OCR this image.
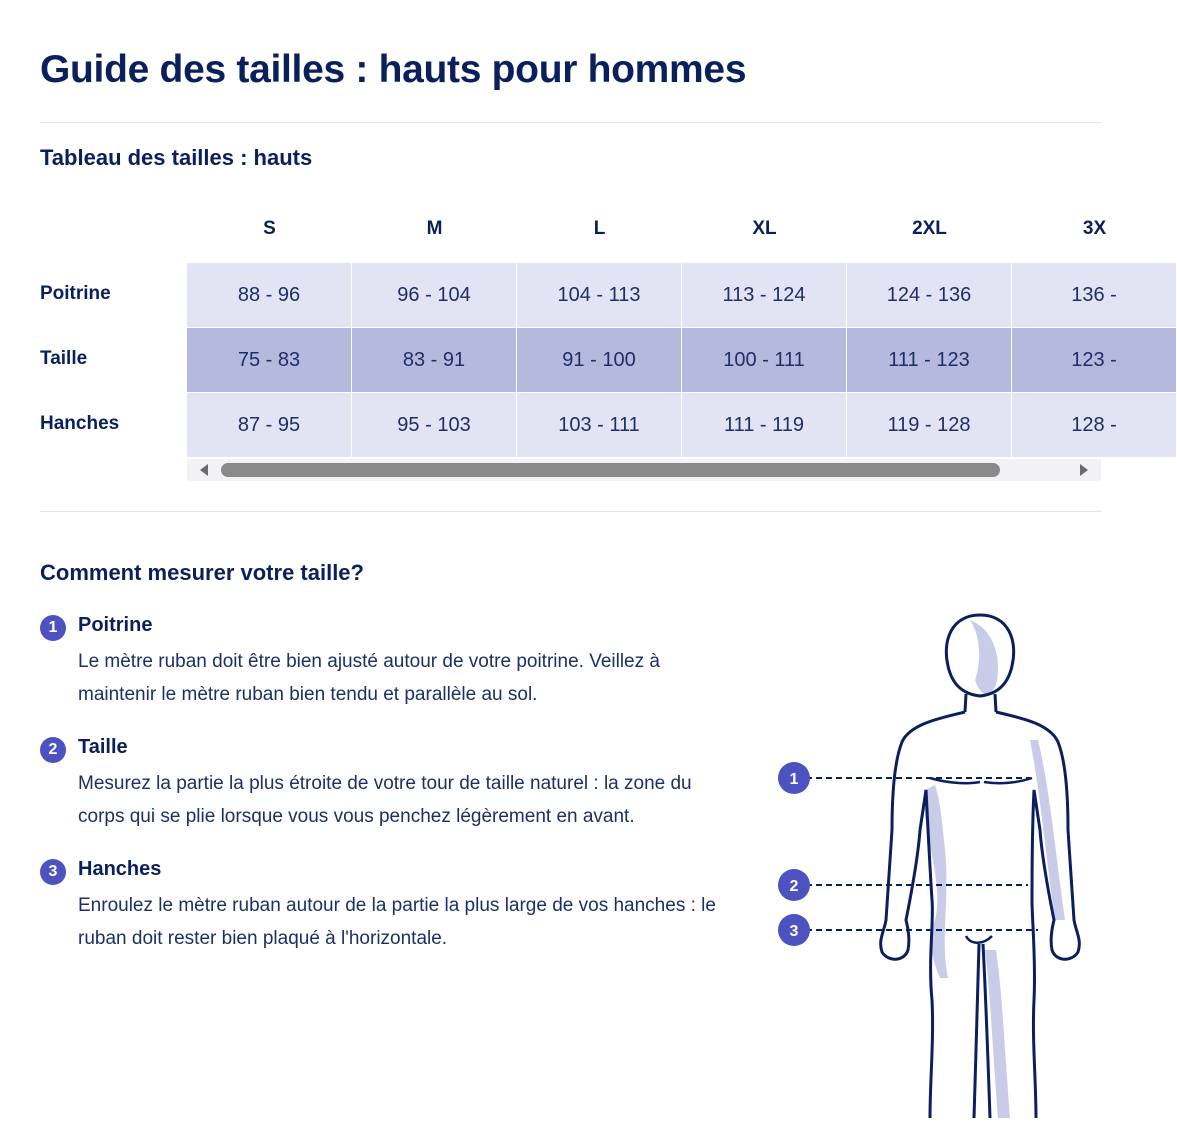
Guide des tailles : hauts pour hommes
Tableau des tailles : hauts
S	M	L	XL	2XL	3X
Poitrine	88 - 96	96 - 104	104 - 113	113 - 124	124 - 136	136 -
Taille	75 - 83	83 - 91	91 - 100	100 - 111	111 - 123	123 -
Hanches	87 - 95	95 - 103	103 - 111	111 - 119	119 - 128	128 -
Comment mesurer votre taille?
1	Poitrine
Le mètre ruban doit être bien ajusté autour de votre poitrine. Veillez à maintenir le mètre ruban bien tendu et parallèle au sol.
2	Taille
Mesurez la partie la plus étroite de votre tour de taille naturel : la zone du corps qui se plie lorsque vous vous penchez légèrement en avant.
3	Hanches
Enroulez le mètre ruban autour de la partie la plus large de vos hanches : le ruban doit rester bien plaqué à l'horizontale.
1
2
3
